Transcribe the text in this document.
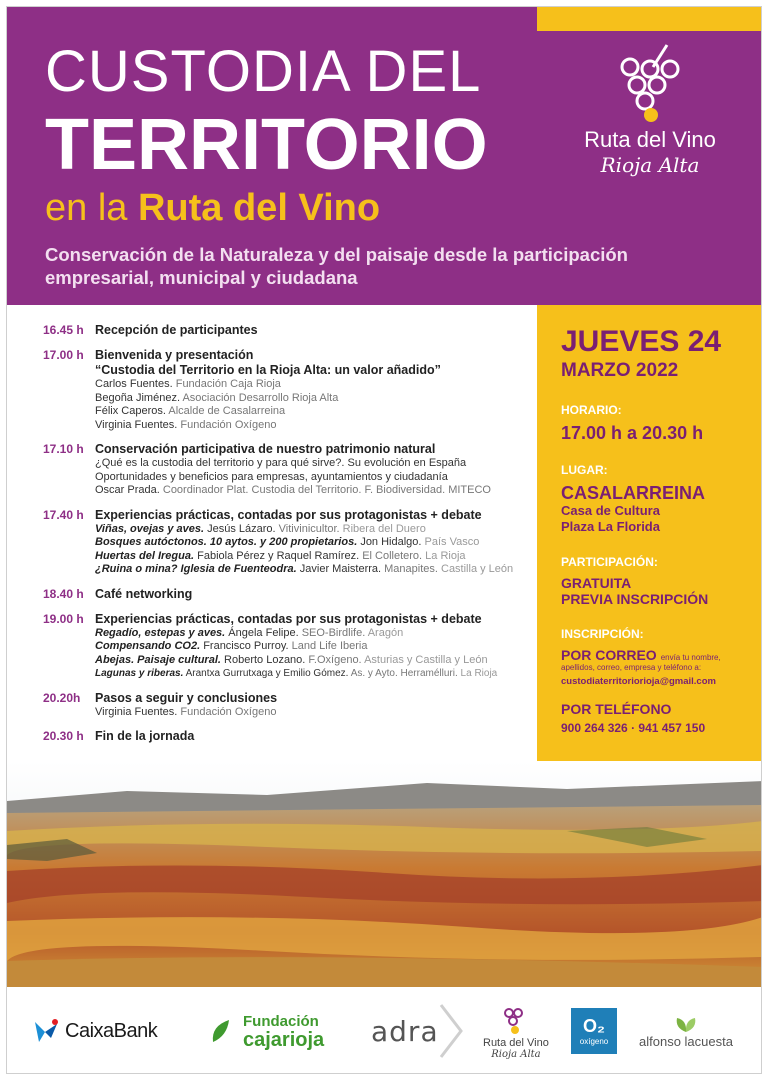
CUSTODIA DEL
TERRITORIO
en la Ruta del Vino
Conservación de la Naturaleza y del paisaje desde la participación
empresarial, municipal y ciudadana
Ruta del Vino
Rioja Alta
16.45 h Recepción de participantes
17.00 h Bienvenida y presentación
“Custodia del Territorio en la Rioja Alta: un valor añadido”
Carlos Fuentes. Fundación Caja Rioja
Begoña Jiménez. Asociación Desarrollo Rioja Alta
Félix Caperos. Alcalde de Casalarreina
Virginia Fuentes. Fundación Oxígeno
17.10 h Conservación participativa de nuestro patrimonio natural
¿Qué es la custodia del territorio y para qué sirve?. Su evolución en España
Oportunidades y beneficios para empresas, ayuntamientos y ciudadanía
Oscar Prada. Coordinador Plat. Custodia del Territorio. F. Biodiversidad. MITECO
17.40 h Experiencias prácticas, contadas por sus protagonistas + debate
Viñas, ovejas y aves. Jesús Lázaro. Vitivinicultor. Ribera del Duero
Bosques autóctonos. 10 aytos. y 200 propietarios. Jon Hidalgo. País Vasco
Huertas del Iregua. Fabiola Pérez y Raquel Ramírez. El Colletero. La Rioja
¿Ruina o mina? Iglesia de Fuenteodra. Javier Maisterra. Manapites. Castilla y León
18.40 h Café networking
19.00 h Experiencias prácticas, contadas por sus protagonistas + debate
Regadío, estepas y aves. Ángela Felipe. SEO-Birdlife. Aragón
Compensando CO2. Francisco Purroy. Land Life Iberia
Abejas. Paisaje cultural. Roberto Lozano. F.Oxígeno. Asturias y Castilla y León
Lagunas y riberas. Arantxa Gurrutxaga y Emilio Gómez. As. y Ayto. Herramélluri. La Rioja
20.20h Pasos a seguir y conclusiones
Virginia Fuentes. Fundación Oxígeno
20.30 h Fin de la jornada
JUEVES 24
MARZO 2022
HORARIO:
17.00 h a 20.30 h
LUGAR:
CASALARREINA
Casa de Cultura
Plaza La Florida
PARTICIPACIÓN:
GRATUITA
PREVIA INSCRIPCIÓN
INSCRIPCIÓN:
POR CORREO envía tu nombre,
apellidos, correo, empresa y teléfono a:
custodiaterritoriorioja@gmail.com
POR TELÉFONO
900 264 326 · 941 457 150
CaixaBank	Fundación
cajarioja adra	Ruta del Vino
Rioja Alta
O₂
oxígeno alfonso lacuesta
